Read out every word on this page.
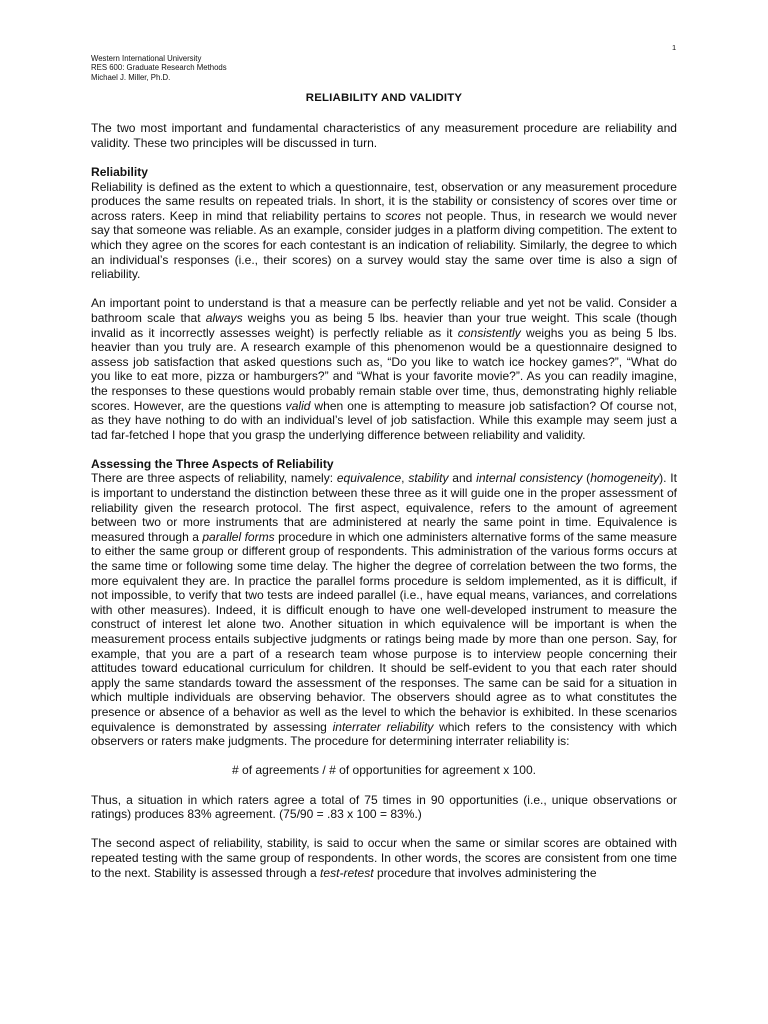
1
Western International University
RES 600: Graduate Research Methods
Michael J. Miller, Ph.D.
RELIABILITY AND VALIDITY

The two most important and fundamental characteristics of any measurement procedure are reliability and validity. These two principles will be discussed in turn.

Reliability

Reliability is defined as the extent to which a questionnaire, test, observation or any measurement procedure produces the same results on repeated trials. In short, it is the stability or consistency of scores over time or across raters. Keep in mind that reliability pertains to scores not people. Thus, in research we would never say that someone was reliable. As an example, consider judges in a platform diving competition. The extent to which they agree on the scores for each contestant is an indication of reliability. Similarly, the degree to which an individual’s responses (i.e., their scores) on a survey would stay the same over time is also a sign of reliability.

An important point to understand is that a measure can be perfectly reliable and yet not be valid. Consider a bathroom scale that always weighs you as being 5 lbs. heavier than your true weight. This scale (though invalid as it incorrectly assesses weight) is perfectly reliable as it consistently weighs you as being 5 lbs. heavier than you truly are. A research example of this phenomenon would be a questionnaire designed to assess job satisfaction that asked questions such as, “Do you like to watch ice hockey games?”, “What do you like to eat more, pizza or hamburgers?” and “What is your favorite movie?”. As you can readily imagine, the responses to these questions would probably remain stable over time, thus, demonstrating highly reliable scores. However, are the questions valid when one is attempting to measure job satisfaction? Of course not, as they have nothing to do with an individual’s level of job satisfaction. While this example may seem just a tad far-fetched I hope that you grasp the underlying difference between reliability and validity.

Assessing the Three Aspects of Reliability

There are three aspects of reliability, namely: equivalence, stability and internal consistency (homogeneity). It is important to understand the distinction between these three as it will guide one in the proper assessment of reliability given the research protocol. The first aspect, equivalence, refers to the amount of agreement between two or more instruments that are administered at nearly the same point in time. Equivalence is measured through a parallel forms procedure in which one administers alternative forms of the same measure to either the same group or different group of respondents. This administration of the various forms occurs at the same time or following some time delay. The higher the degree of correlation between the two forms, the more equivalent they are. In practice the parallel forms procedure is seldom implemented, as it is difficult, if not impossible, to verify that two tests are indeed parallel (i.e., have equal means, variances, and correlations with other measures). Indeed, it is difficult enough to have one well-developed instrument to measure the construct of interest let alone two. Another situation in which equivalence will be important is when the measurement process entails subjective judgments or ratings being made by more than one person. Say, for example, that you are a part of a research team whose purpose is to interview people concerning their attitudes toward educational curriculum for children. It should be self-evident to you that each rater should apply the same standards toward the assessment of the responses. The same can be said for a situation in which multiple individuals are observing behavior. The observers should agree as to what constitutes the presence or absence of a behavior as well as the level to which the behavior is exhibited. In these scenarios equivalence is demonstrated by assessing interrater reliability which refers to the consistency with which observers or raters make judgments. The procedure for determining interrater reliability is:

# of agreements / # of opportunities for agreement x 100.

Thus, a situation in which raters agree a total of 75 times in 90 opportunities (i.e., unique observations or ratings) produces 83% agreement. (75/90 = .83 x 100 = 83%.)

The second aspect of reliability, stability, is said to occur when the same or similar scores are obtained with repeated testing with the same group of respondents. In other words, the scores are consistent from one time to the next. Stability is assessed through a test-retest procedure that involves administering the
